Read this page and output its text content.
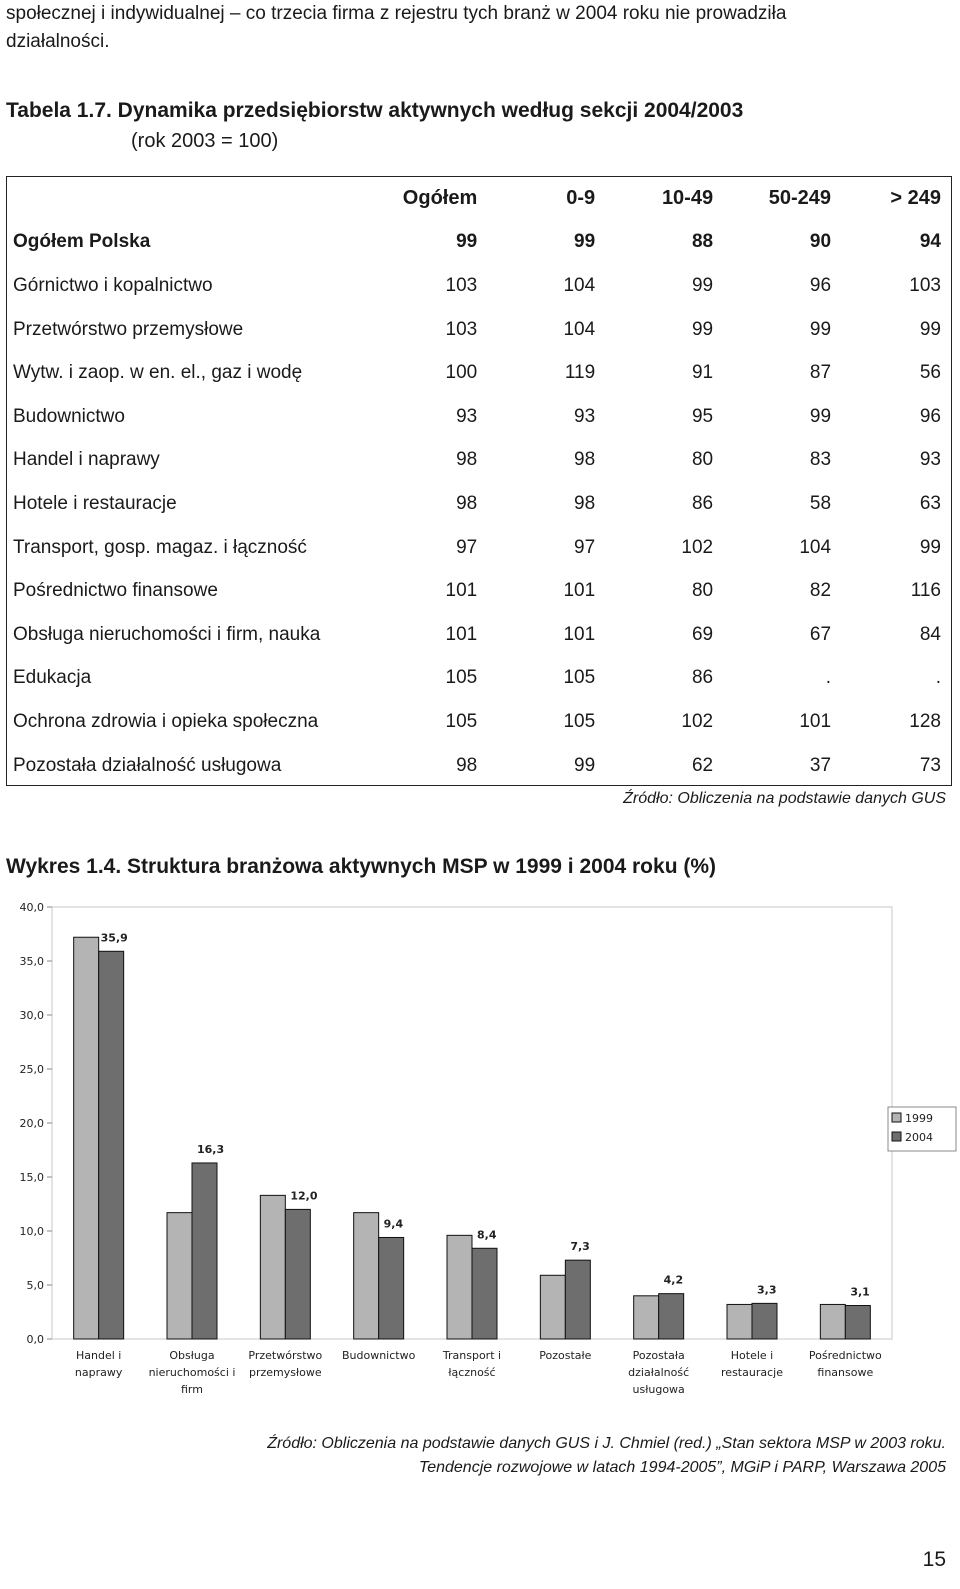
społecznej i indywidualnej – co trzecia firma z rejestru tych branż w 2004 roku nie prowadziła
działalności.
Tabela 1.7. Dynamika przedsiębiorstw aktywnych według sekcji 2004/2003
(rok 2003 = 100)
	Ogółem	0-9	10-49	50-249	> 249
Ogółem Polska	99	99	88	90	94
Górnictwo i kopalnictwo	103	104	99	96	103
Przetwórstwo przemysłowe	103	104	99	99	99
Wytw. i zaop. w en. el., gaz i wodę	100	119	91	87	56
Budownictwo	93	93	95	99	96
Handel i naprawy	98	98	80	83	93
Hotele i restauracje	98	98	86	58	63
Transport, gosp. magaz. i łączność	97	97	102	104	99
Pośrednictwo finansowe	101	101	80	82	116
Obsługa nieruchomości i firm, nauka	101	101	69	67	84
Edukacja	105	105	86	.	.
Ochrona zdrowia i opieka społeczna	105	105	102	101	128
Pozostała działalność usługowa	98	99	62	37	73
Źródło: Obliczenia na podstawie danych GUS
Wykres 1.4. Struktura branżowa aktywnych MSP w 1999 i 2004 roku (%)
0,0
5,0
10,0
15,0
20,0
25,0
30,0
35,0
40,0
35,9
Handel i
naprawy
16,3
Obsługa
nieruchomości i
firm
12,0
Przetwórstwo
przemysłowe
9,4
Budownictwo
8,4
Transport i
łączność
7,3
Pozostałe
4,2
Pozostała
działalność
usługowa
3,3
Hotele i
restauracje
3,1
Pośrednictwo
finansowe
1999
2004
Źródło: Obliczenia na podstawie danych GUS i J. Chmiel (red.) „Stan sektora MSP w 2003 roku.
Tendencje rozwojowe w latach 1994-2005”, MGiP i PARP, Warszawa 2005
15
